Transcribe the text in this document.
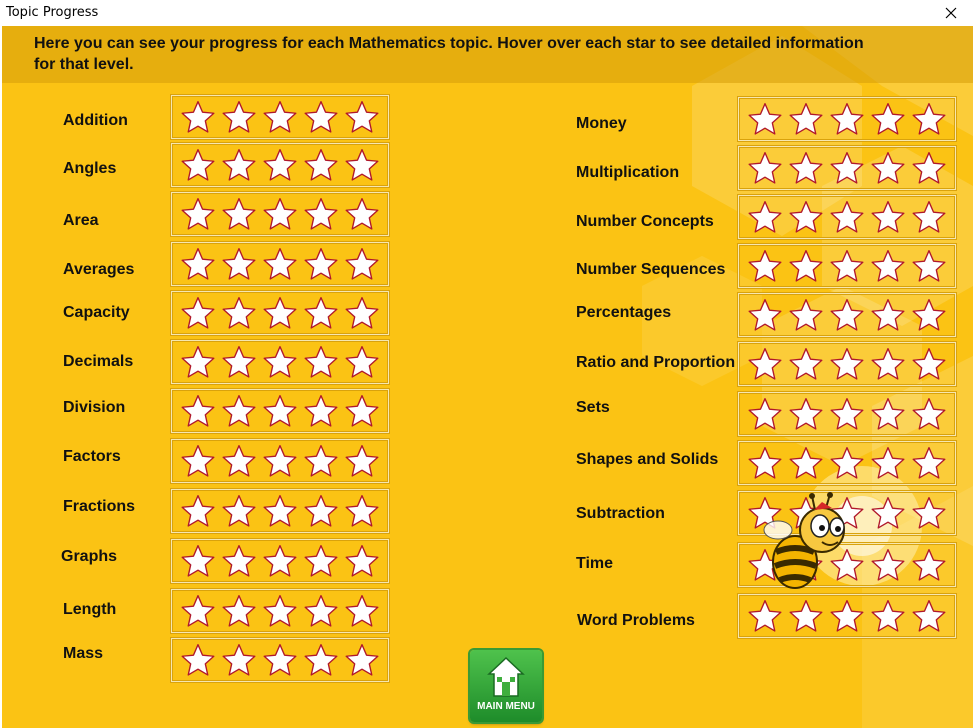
Topic Progress
Here you can see your progress for each Mathematics topic. Hover over each star to see detailed information for that level.
Addition
Angles
Area
Averages
Capacity
Decimals
Division
Factors
Fractions
Graphs
Length
Mass
Money
Multiplication
Number Concepts
Number Sequences
Percentages
Ratio and Proportion
Sets
Shapes and Solids
Subtraction
Time
Word Problems
MAIN MENU
